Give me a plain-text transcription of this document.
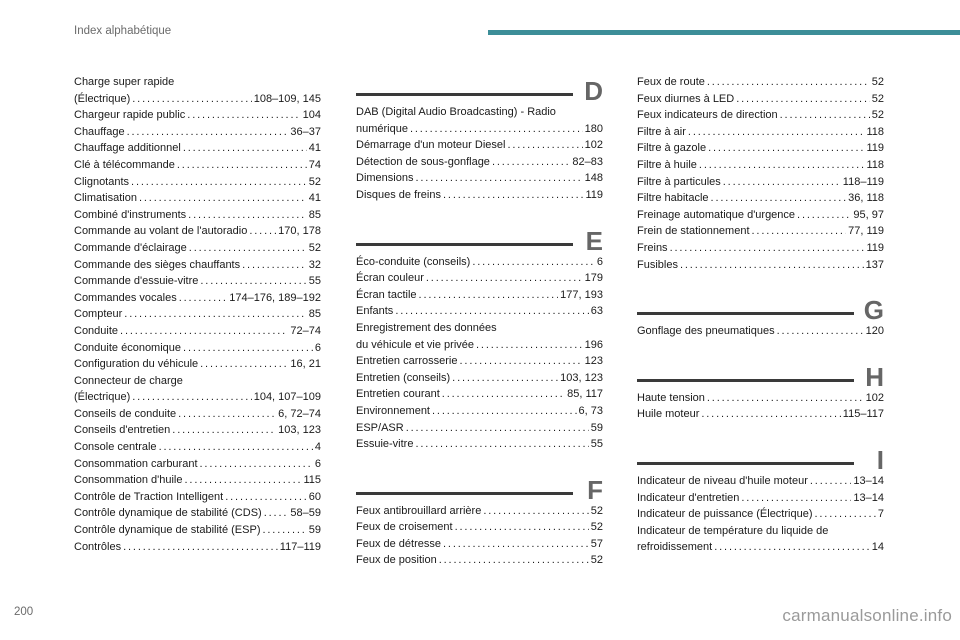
Index alphabétique
Charge super rapide
(Électrique) . . .	108–109, 145
Chargeur rapide public . . .	104
Chauffage . . .	36–37
Chauffage additionnel . . .	41
Clé à télécommande . . .	74
Clignotants . . .	52
Climatisation . . .	41
Combiné d'instruments . . .	85
Commande au volant de l'autoradio . . .	170, 178
Commande d'éclairage . . .	52
Commande des sièges chauffants . . .	32
Commande d'essuie-vitre . . .	55
Commandes vocales . . .	174–176, 189–192
Compteur . . .	85
Conduite . . .	72–74
Conduite économique . . .	6
Configuration du véhicule . . .	16, 21
Connecteur de charge
(Électrique) . . .	104, 107–109
Conseils de conduite . . .	6, 72–74
Conseils d'entretien . . .	103, 123
Console centrale . . .	4
Consommation carburant . . .	6
Consommation d'huile . . .	115
Contrôle de Traction Intelligent . . .	60
Contrôle dynamique de stabilité (CDS) . . .	58–59
Contrôle dynamique de stabilité (ESP) . . .	59
Contrôles . . .	117–119
D
DAB (Digital Audio Broadcasting) - Radio
numérique . . .	180
Démarrage d'un moteur Diesel . . .	102
Détection de sous-gonflage . . .	82–83
Dimensions . . .	148
Disques de freins . . .	119
E
Éco-conduite (conseils) . . .	6
Écran couleur . . .	179
Écran tactile . . .	177, 193
Enfants . . .	63
Enregistrement des données
du véhicule et vie privée . . .	196
Entretien carrosserie . . .	123
Entretien (conseils) . . .	103, 123
Entretien courant . . .	85, 117
Environnement . . .	6, 73
ESP/ASR . . .	59
Essuie-vitre . . .	55
F
Feux antibrouillard arrière . . .	52
Feux de croisement . . .	52
Feux de détresse . . .	57
Feux de position . . .	52
Feux de route . . .	52
Feux diurnes à LED . . .	52
Feux indicateurs de direction . . .	52
Filtre à air . . .	118
Filtre à gazole . . .	119
Filtre à huile . . .	118
Filtre à particules . . .	118–119
Filtre habitacle . . .	36, 118
Freinage automatique d'urgence . . .	95, 97
Frein de stationnement . . .	77, 119
Freins . . .	119
Fusibles . . .	137
G
Gonflage des pneumatiques . . .	120
H
Haute tension . . .	102
Huile moteur . . .	115–117
I
Indicateur de niveau d'huile moteur . . .	13–14
Indicateur d'entretien . . .	13–14
Indicateur de puissance (Électrique) . . .	7
Indicateur de température du liquide de
refroidissement . . .	14
200	carmanualsonline.info
